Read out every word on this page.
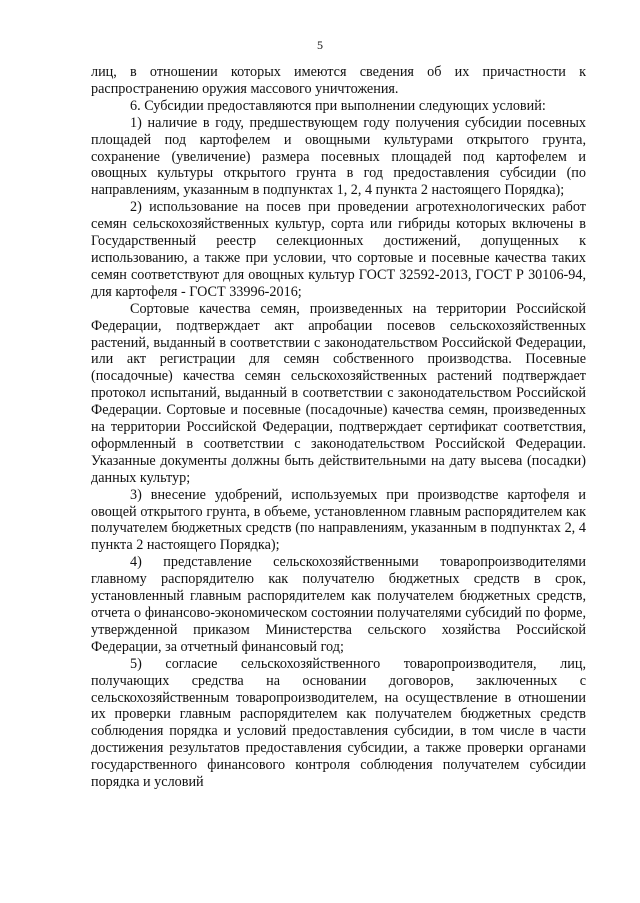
5

лиц, в отношении которых имеются сведения об их причастности к распространению оружия массового уничтожения.

6. Субсидии предоставляются при выполнении следующих условий:

1) наличие в году, предшествующем году получения субсидии посевных площадей под картофелем и овощными культурами открытого грунта, сохранение (увеличение) размера посевных площадей под картофелем и овощных культуры открытого грунта в год предоставления субсидии (по направлениям, указанным в подпунктах 1, 2, 4 пункта 2 настоящего Порядка);

2) использование на посев при проведении агротехнологических работ семян сельскохозяйственных культур, сорта или гибриды которых включены в Государственный реестр селекционных достижений, допущенных к использованию, а также при условии, что сортовые и посевные качества таких семян соответствуют для овощных культур ГОСТ 32592-2013, ГОСТ Р 30106-94, для картофеля - ГОСТ 33996-2016;

Сортовые качества семян, произведенных на территории Российской Федерации, подтверждает акт апробации посевов сельскохозяйственных растений, выданный в соответствии с законодательством Российской Федерации, или акт регистрации для семян собственного производства. Посевные (посадочные) качества семян сельскохозяйственных растений подтверждает протокол испытаний, выданный в соответствии с законодательством Российской Федерации. Сортовые и посевные (посадочные) качества семян, произведенных на территории Российской Федерации, подтверждает сертификат соответствия, оформленный в соответствии с законодательством Российской Федерации. Указанные документы должны быть действительными на дату высева (посадки) данных культур;

3) внесение удобрений, используемых при производстве картофеля и овощей открытого грунта, в объеме, установленном главным распорядителем как получателем бюджетных средств (по направлениям, указанным в подпунктах 2, 4 пункта 2 настоящего Порядка);

4) представление сельскохозяйственными товаропроизводителями главному распорядителю как получателю бюджетных средств в срок, установленный главным распорядителем как получателем бюджетных средств, отчета о финансово-экономическом состоянии получателями субсидий по форме, утвержденной приказом Министерства сельского хозяйства Российской Федерации, за отчетный финансовый год;

5) согласие сельскохозяйственного товаропроизводителя, лиц, получающих средства на основании договоров, заключенных с сельскохозяйственным товаропроизводителем, на осуществление в отношении их проверки главным распорядителем как получателем бюджетных средств соблюдения порядка и условий предоставления субсидии, в том числе в части достижения результатов предоставления субсидии, а также проверки органами государственного финансового контроля соблюдения получателем субсидии порядка и условий
